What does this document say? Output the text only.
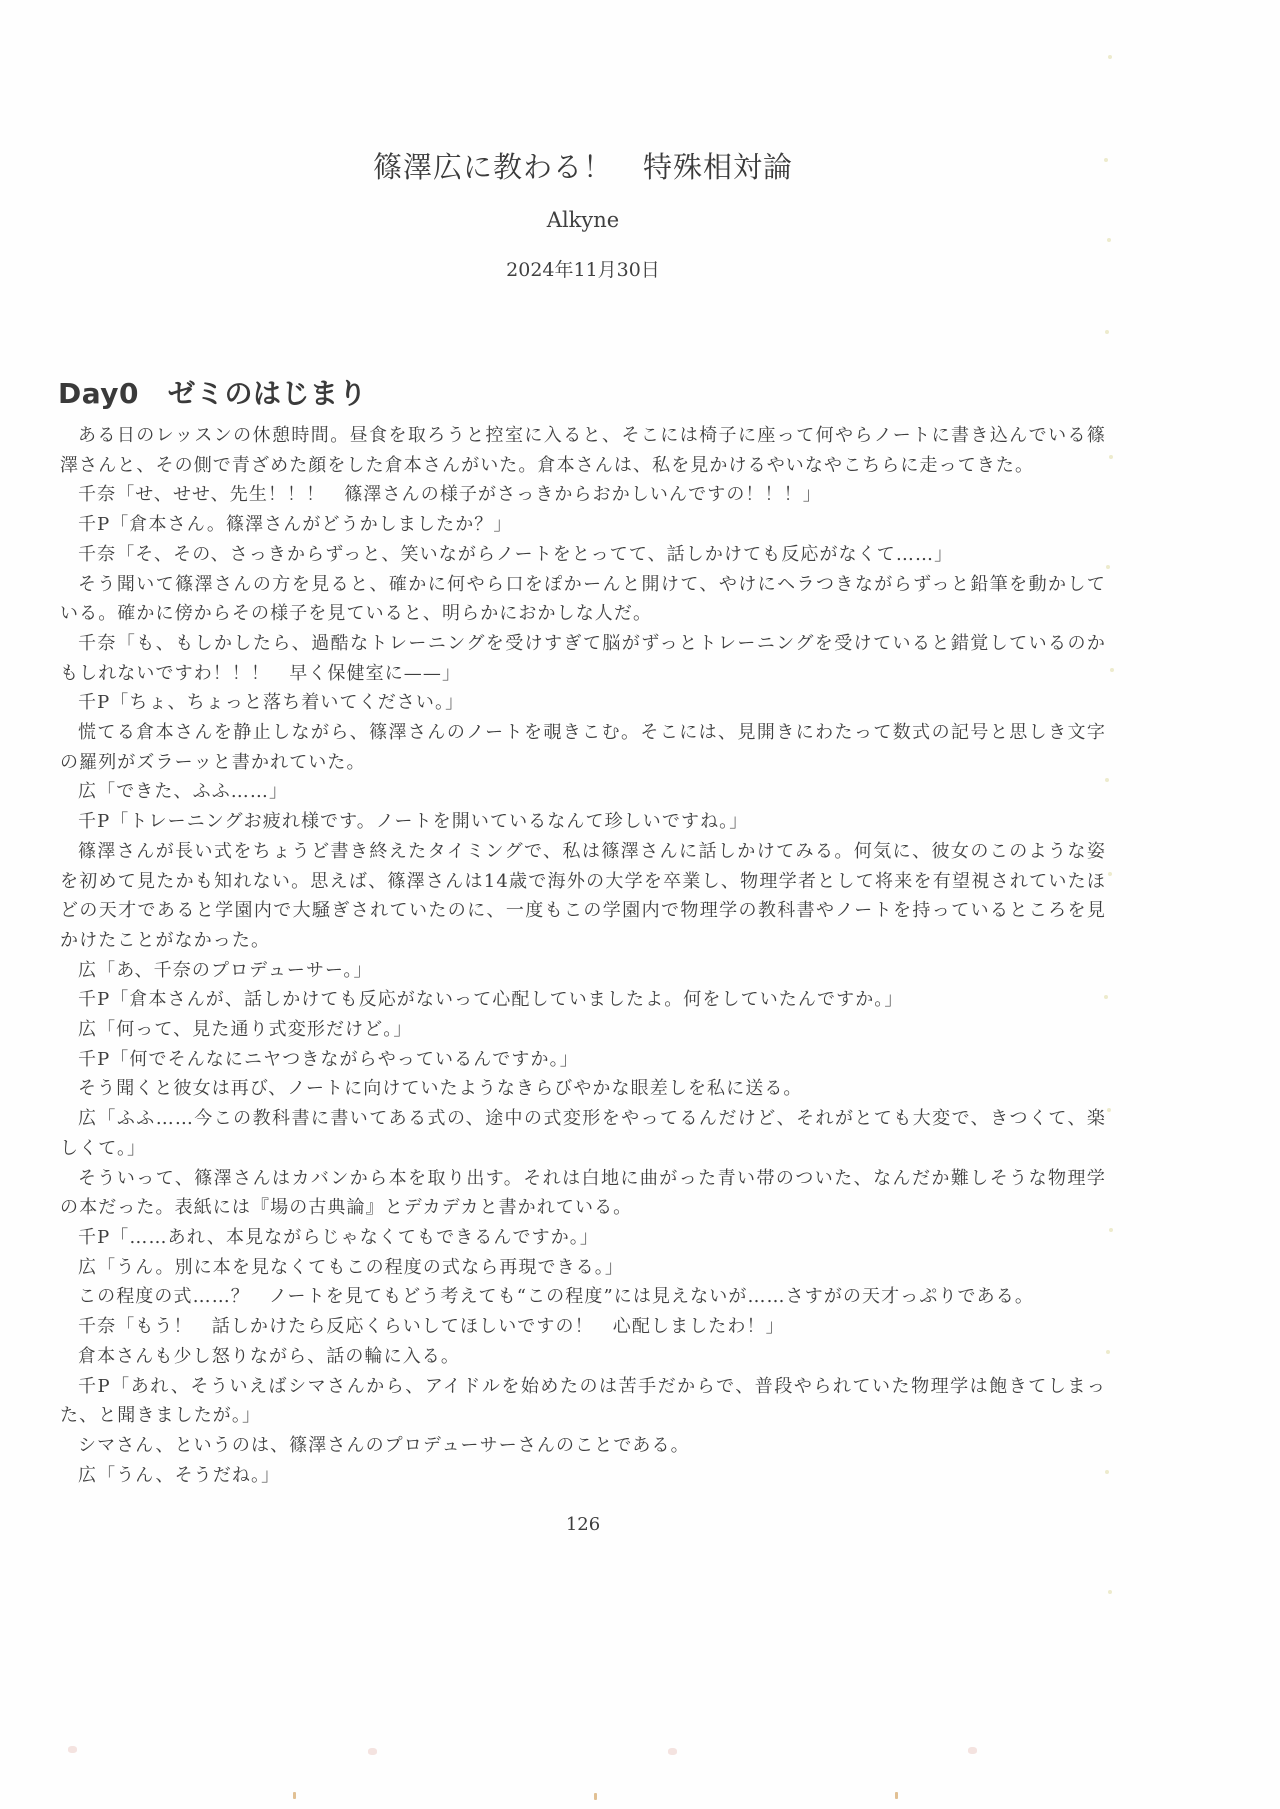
篠澤広に教わる！　特殊相対論
Alkyne
2024年11月30日
Day0　ゼミのはじまり

ある日のレッスンの休憩時間。昼食を取ろうと控室に入ると、そこには椅子に座って何やらノートに書き込んでいる篠澤さんと、その側で青ざめた顔をした倉本さんがいた。倉本さんは、私を見かけるやいなやこちらに走ってきた。

千奈「せ、せせ、先生！！！　篠澤さんの様子がさっきからおかしいんですの！！！」

千P「倉本さん。篠澤さんがどうかしましたか？」

千奈「そ、その、さっきからずっと、笑いながらノートをとってて、話しかけても反応がなくて……」

そう聞いて篠澤さんの方を見ると、確かに何やら口をぽかーんと開けて、やけにヘラつきながらずっと鉛筆を動かしている。確かに傍からその様子を見ていると、明らかにおかしな人だ。

千奈「も、もしかしたら、過酷なトレーニングを受けすぎて脳がずっとトレーニングを受けていると錯覚しているのかもしれないですわ！！！　早く保健室に——」

千P「ちょ、ちょっと落ち着いてください。」

慌てる倉本さんを静止しながら、篠澤さんのノートを覗きこむ。そこには、見開きにわたって数式の記号と思しき文字の羅列がズラーッと書かれていた。

広「できた、ふふ……」

千P「トレーニングお疲れ様です。ノートを開いているなんて珍しいですね。」

篠澤さんが長い式をちょうど書き終えたタイミングで、私は篠澤さんに話しかけてみる。何気に、彼女のこのような姿を初めて見たかも知れない。思えば、篠澤さんは14歳で海外の大学を卒業し、物理学者として将来を有望視されていたほどの天才であると学園内で大騒ぎされていたのに、一度もこの学園内で物理学の教科書やノートを持っているところを見かけたことがなかった。

広「あ、千奈のプロデューサー。」

千P「倉本さんが、話しかけても反応がないって心配していましたよ。何をしていたんですか。」

広「何って、見た通り式変形だけど。」

千P「何でそんなにニヤつきながらやっているんですか。」

そう聞くと彼女は再び、ノートに向けていたようなきらびやかな眼差しを私に送る。

広「ふふ……今この教科書に書いてある式の、途中の式変形をやってるんだけど、それがとても大変で、きつくて、楽しくて。」

そういって、篠澤さんはカバンから本を取り出す。それは白地に曲がった青い帯のついた、なんだか難しそうな物理学の本だった。表紙には『場の古典論』とデカデカと書かれている。

千P「……あれ、本見ながらじゃなくてもできるんですか。」

広「うん。別に本を見なくてもこの程度の式なら再現できる。」

この程度の式……？　ノートを見てもどう考えても“この程度”には見えないが……さすがの天才っぷりである。

千奈「もう！　話しかけたら反応くらいしてほしいですの！　心配しましたわ！」

倉本さんも少し怒りながら、話の輪に入る。

千P「あれ、そういえばシマさんから、アイドルを始めたのは苦手だからで、普段やられていた物理学は飽きてしまった、と聞きましたが。」

シマさん、というのは、篠澤さんのプロデューサーさんのことである。

広「うん、そうだね。」

126
